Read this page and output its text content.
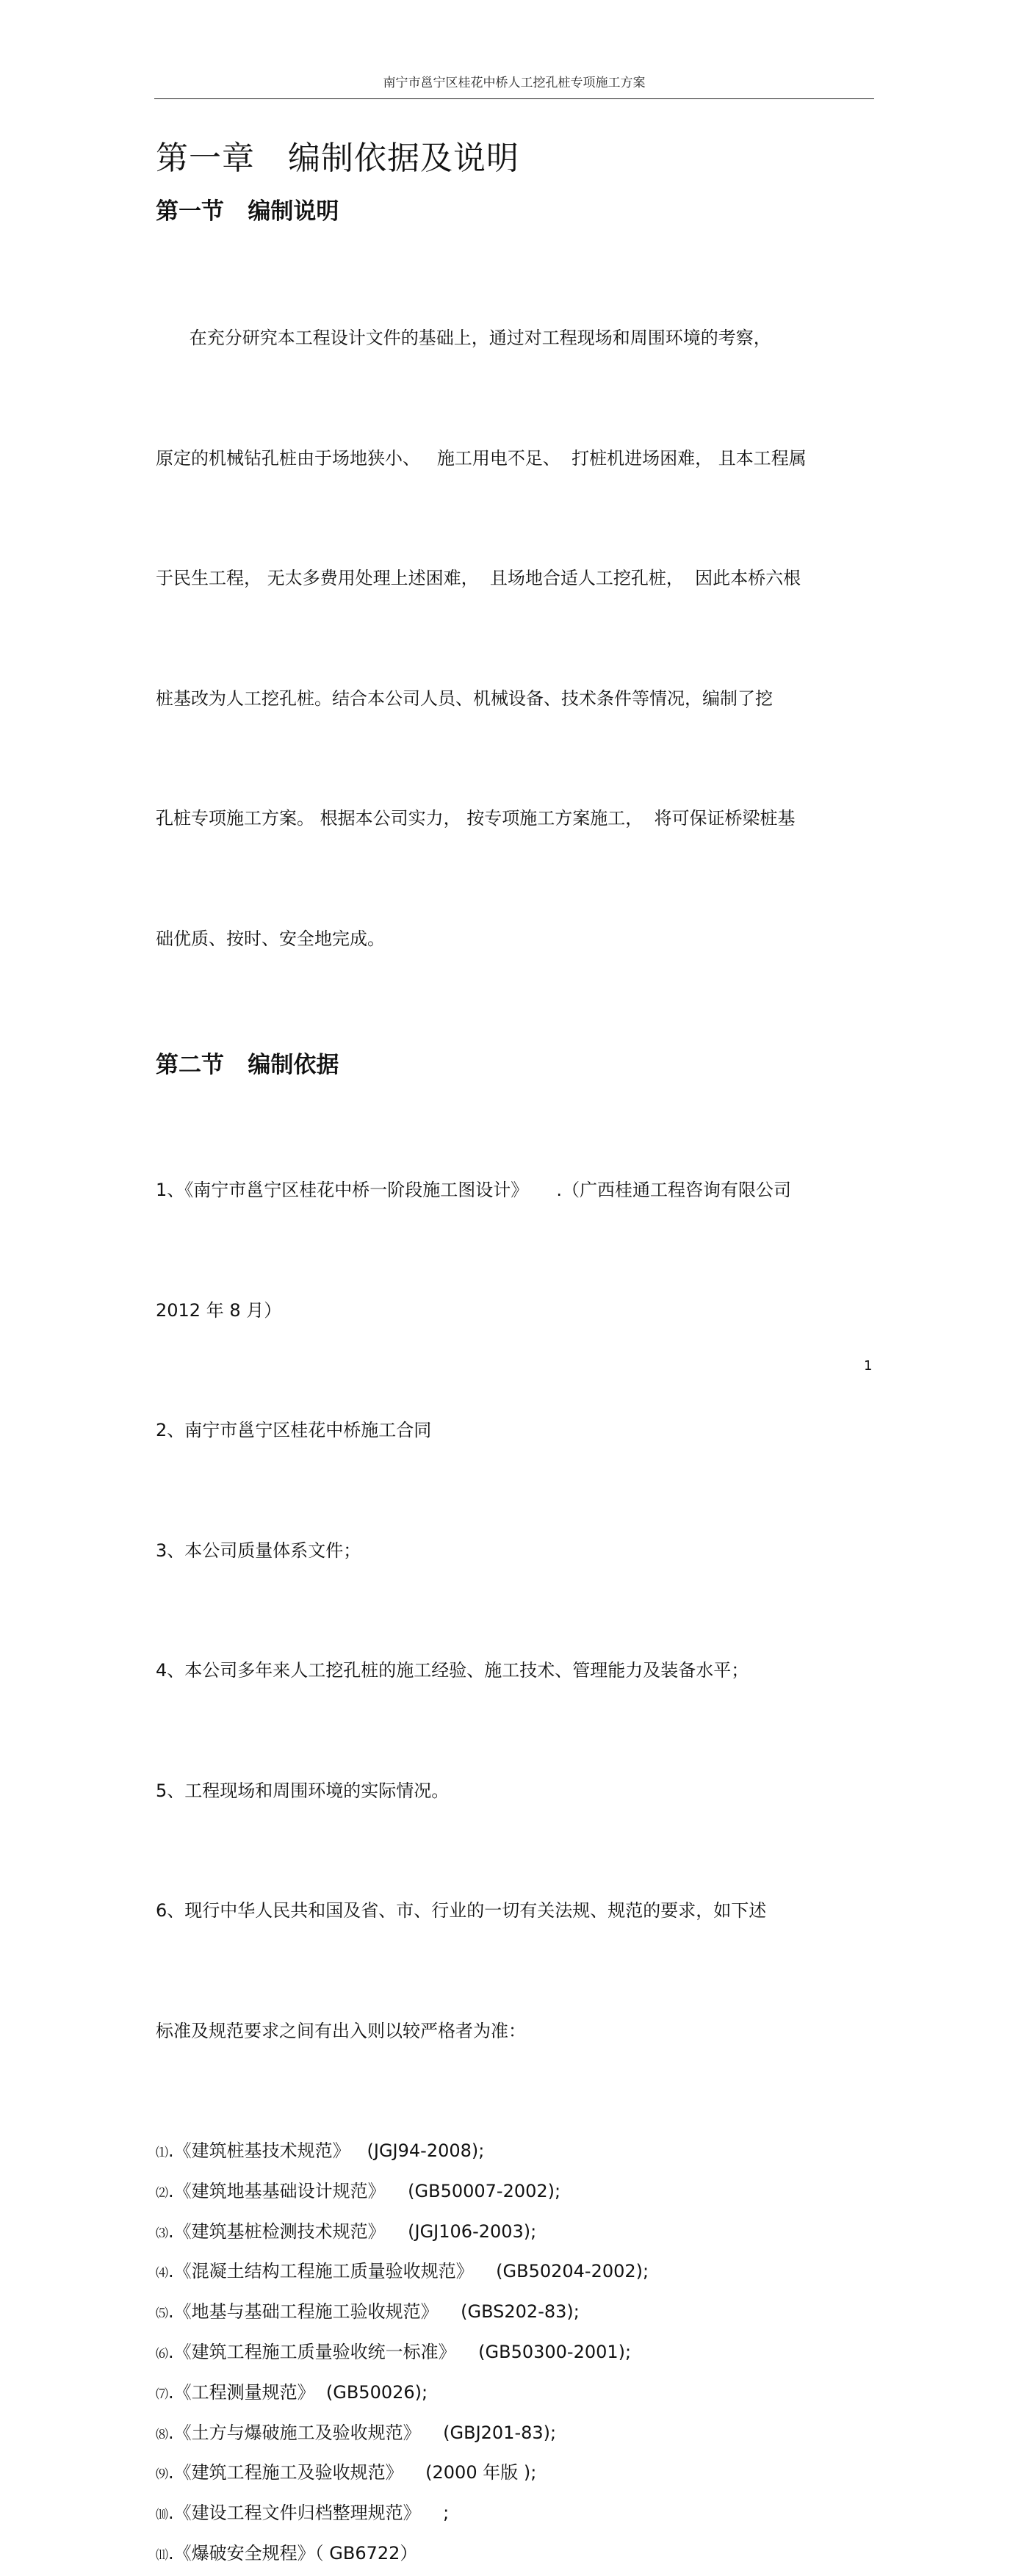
南宁市邕宁区桂花中桥人工挖孔桩专项施工方案
第一章   编制依据及说明
第一节   编制说明

在充分研究本工程设计文件的基础上，通过对工程现场和周围环境的考察，

原定的机械钻孔桩由于场地狭小、   施工用电不足、  打桩机进场困难， 且本工程属

于民生工程， 无太多费用处理上述困难，  且场地合适人工挖孔桩，  因此本桥六根

桩基改为人工挖孔桩。结合本公司人员、机械设备、技术条件等情况，编制了挖

孔桩专项施工方案。 根据本公司实力， 按专项施工方案施工，  将可保证桥梁桩基

础优质、按时、安全地完成。

第二节   编制依据

1、《南宁市邕宁区桂花中桥一阶段施工图设计》     .（广西桂通工程咨询有限公司

2012 年 8 月）

2、南宁市邕宁区桂花中桥施工合同

3、本公司质量体系文件；

4、本公司多年来人工挖孔桩的施工经验、施工技术、管理能力及装备水平；

5、工程现场和周围环境的实际情况。

6、现行中华人民共和国及省、市、行业的一切有关法规、规范的要求，如下述

标准及规范要求之间有出入则以较严格者为准：

⑴.《建筑桩基技术规范》   (JGJ94-2008);
⑵.《建筑地基基础设计规范》    (GB50007-2002);
⑶.《建筑基桩检测技术规范》    (JGJ106-2003);
⑷.《混凝土结构工程施工质量验收规范》    (GB50204-2002);
⑸.《地基与基础工程施工验收规范》    (GBS202-83);
⑹.《建筑工程施工质量验收统一标准》    (GB50300-2001);
⑺.《工程测量规范》  (GB50026);
⑻.《土方与爆破施工及验收规范》    (GBJ201-83);
⑼.《建筑工程施工及验收规范》    (2000 年版 );
⑽.《建设工程文件归档整理规范》    ;
⑾.《爆破安全规程》（ GB6722）
1
